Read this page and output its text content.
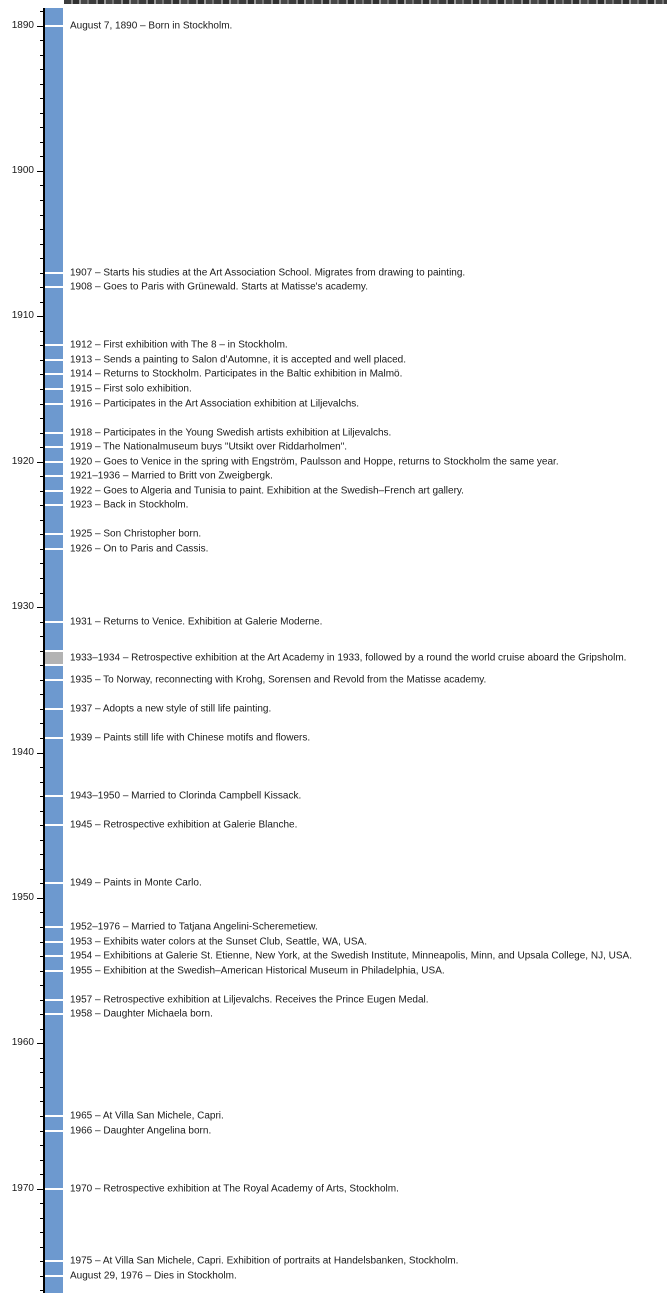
1890
1900
1910
1920
1930
1940
1950
1960
1970
August 7, 1890 – Born in Stockholm.
1907 – Starts his studies at the Art Association School. Migrates from drawing to painting.
1908 – Goes to Paris with Grünewald. Starts at Matisse's academy.
1912 – First exhibition with The 8 – in Stockholm.
1913 – Sends a painting to Salon d'Automne, it is accepted and well placed.
1914 – Returns to Stockholm. Participates in the Baltic exhibition in Malmö.
1915 – First solo exhibition.
1916 – Participates in the Art Association exhibition at Liljevalchs.
1918 – Participates in the Young Swedish artists exhibition at Liljevalchs.
1919 – The Nationalmuseum buys "Utsikt over Riddarholmen".
1920 – Goes to Venice in the spring with Engström, Paulsson and Hoppe, returns to Stockholm the same year.
1921–1936 – Married to Britt von Zweigbergk.
1922 – Goes to Algeria and Tunisia to paint. Exhibition at the Swedish–French art gallery.
1923 – Back in Stockholm.
1925 – Son Christopher born.
1926 – On to Paris and Cassis.
1931 – Returns to Venice. Exhibition at Galerie Moderne.
1933–1934 – Retrospective exhibition at the Art Academy in 1933, followed by a round the world cruise aboard the Gripsholm.
1935 – To Norway, reconnecting with Krohg, Sorensen and Revold from the Matisse academy.
1937 – Adopts a new style of still life painting.
1939 – Paints still life with Chinese motifs and flowers.
1943–1950 – Married to Clorinda Campbell Kissack.
1945 – Retrospective exhibition at Galerie Blanche.
1949 – Paints in Monte Carlo.
1952–1976 – Married to Tatjana Angelini-Scheremetiew.
1953 – Exhibits water colors at the Sunset Club, Seattle, WA, USA.
1954 – Exhibitions at Galerie St. Etienne, New York, at the Swedish Institute, Minneapolis, Minn, and Upsala College, NJ, USA.
1955 – Exhibition at the Swedish–American Historical Museum in Philadelphia, USA.
1957 – Retrospective exhibition at Liljevalchs. Receives the Prince Eugen Medal.
1958 – Daughter Michaela born.
1965 – At Villa San Michele, Capri.
1966 – Daughter Angelina born.
1970 – Retrospective exhibition at The Royal Academy of Arts, Stockholm.
1975 – At Villa San Michele, Capri. Exhibition of portraits at Handelsbanken, Stockholm.
August 29, 1976 – Dies in Stockholm.
